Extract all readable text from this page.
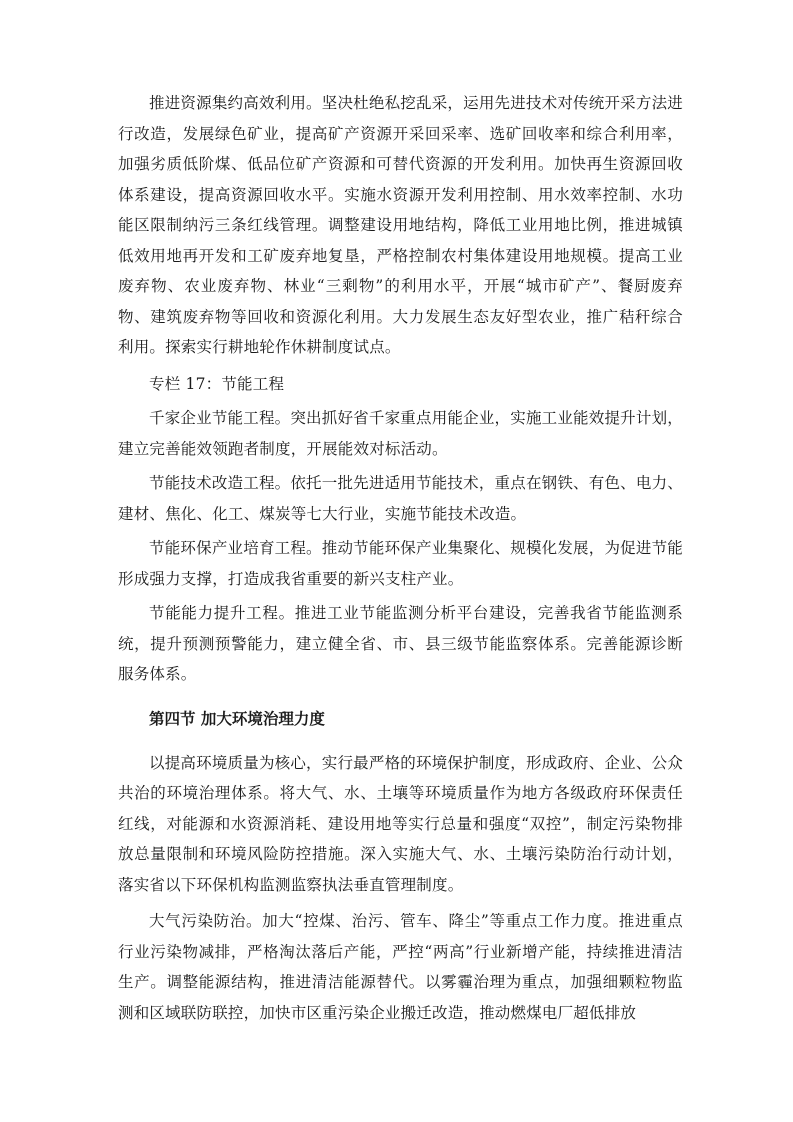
推进资源集约高效利用。坚决杜绝私挖乱采，运用先进技术对传统开采方法进行改造，发展绿色矿业，提高矿产资源开采回采率、选矿回收率和综合利用率，加强劣质低阶煤、低品位矿产资源和可替代资源的开发利用。加快再生资源回收体系建设，提高资源回收水平。实施水资源开发利用控制、用水效率控制、水功能区限制纳污三条红线管理。调整建设用地结构，降低工业用地比例，推进城镇低效用地再开发和工矿废弃地复垦，严格控制农村集体建设用地规模。提高工业废弃物、农业废弃物、林业“三剩物”的利用水平，开展“城市矿产”、餐厨废弃物、建筑废弃物等回收和资源化利用。大力发展生态友好型农业，推广秸秆综合利用。探索实行耕地轮作休耕制度试点。

专栏 17：节能工程

千家企业节能工程。突出抓好省千家重点用能企业，实施工业能效提升计划，建立完善能效领跑者制度，开展能效对标活动。

节能技术改造工程。依托一批先进适用节能技术，重点在钢铁、有色、电力、建材、焦化、化工、煤炭等七大行业，实施节能技术改造。

节能环保产业培育工程。推动节能环保产业集聚化、规模化发展，为促进节能形成强力支撑，打造成我省重要的新兴支柱产业。

节能能力提升工程。推进工业节能监测分析平台建设，完善我省节能监测系统，提升预测预警能力，建立健全省、市、县三级节能监察体系。完善能源诊断服务体系。

第四节 加大环境治理力度

以提高环境质量为核心，实行最严格的环境保护制度，形成政府、企业、公众共治的环境治理体系。将大气、水、土壤等环境质量作为地方各级政府环保责任红线，对能源和水资源消耗、建设用地等实行总量和强度“双控”，制定污染物排放总量限制和环境风险防控措施。深入实施大气、水、土壤污染防治行动计划，落实省以下环保机构监测监察执法垂直管理制度。

大气污染防治。加大“控煤、治污、管车、降尘”等重点工作力度。推进重点行业污染物减排，严格淘汰落后产能，严控“两高”行业新增产能，持续推进清洁生产。调整能源结构，推进清洁能源替代。以雾霾治理为重点，加强细颗粒物监测和区域联防联控，加快市区重污染企业搬迁改造，推动燃煤电厂超低排放
